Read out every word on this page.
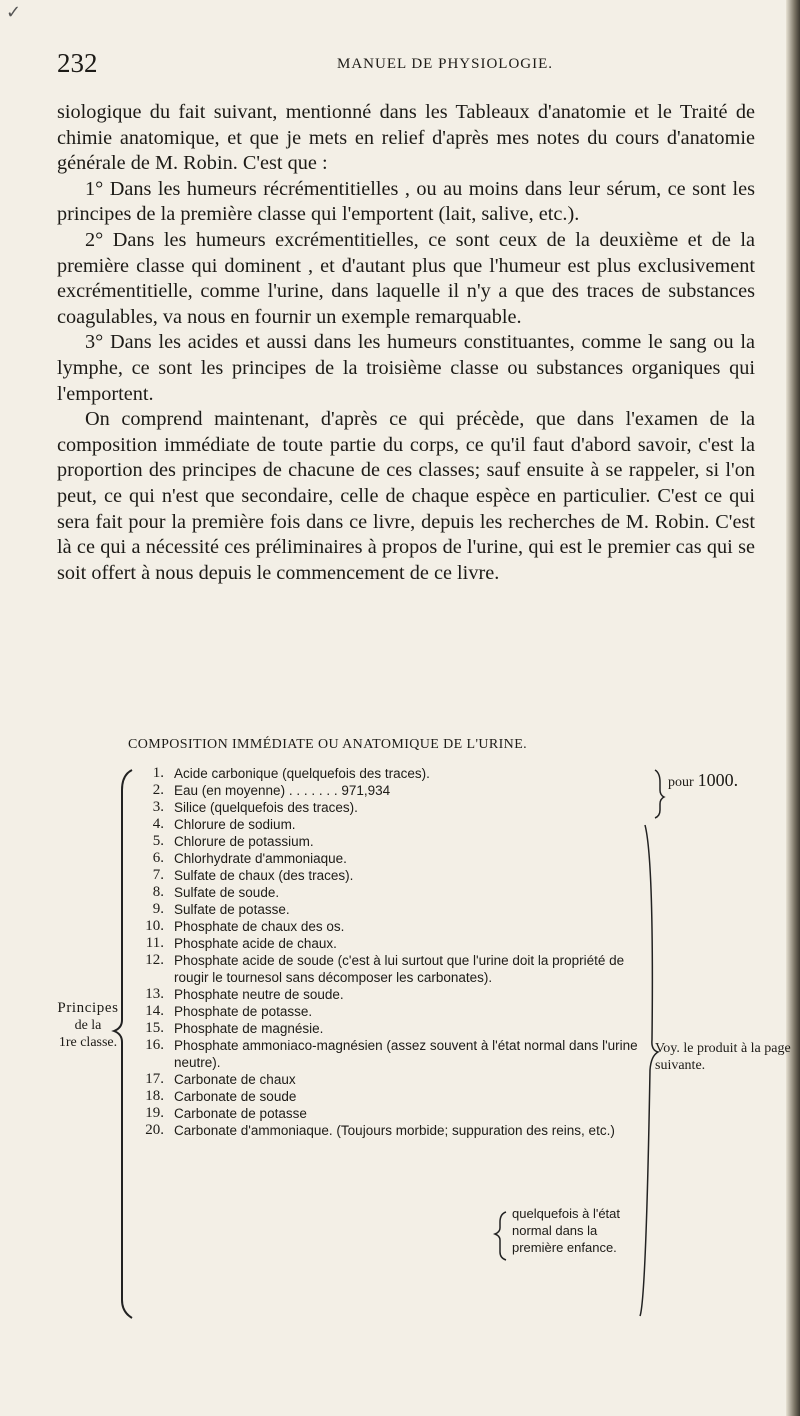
✓
232	MANUEL DE PHYSIOLOGIE.

siologique du fait suivant, mentionné dans les Tableaux d'anatomie et le Traité de chimie anatomique, et que je mets en relief d'après mes notes du cours d'anatomie générale de M. Robin. C'est que :

1° Dans les humeurs récrémentitielles , ou au moins dans leur sérum, ce sont les principes de la première classe qui l'emportent (lait, salive, etc.).

2° Dans les humeurs excrémentitielles, ce sont ceux de la deuxième et de la première classe qui dominent , et d'autant plus que l'humeur est plus exclusivement excrémentitielle, comme l'urine, dans laquelle il n'y a que des traces de substances coagulables, va nous en fournir un exemple remarquable.

3° Dans les acides et aussi dans les humeurs constituantes, comme le sang ou la lymphe, ce sont les principes de la troisième classe ou substances organiques qui l'emportent.

On comprend maintenant, d'après ce qui précède, que dans l'examen de la composition immédiate de toute partie du corps, ce qu'il faut d'abord savoir, c'est la proportion des principes de chacune de ces classes; sauf ensuite à se rappeler, si l'on peut, ce qui n'est que secondaire, celle de chaque espèce en particulier. C'est ce qui sera fait pour la première fois dans ce livre, depuis les recherches de M. Robin. C'est là ce qui a nécessité ces préliminaires à propos de l'urine, qui est le premier cas qui se soit offert à nous depuis le commencement de ce livre.

COMPOSITION IMMÉDIATE OU ANATOMIQUE DE L'URINE.
Principes
de la
1re classe.
1. Acide carbonique (quelquefois des traces).
2. Eau (en moyenne) . . . . . . . 971,934
3. Silice (quelquefois des traces).
4. Chlorure de sodium.
5. Chlorure de potassium.
6. Chlorhydrate d'ammoniaque.
7. Sulfate de chaux (des traces).
8. Sulfate de soude.
9. Sulfate de potasse.
10. Phosphate de chaux des os.
11. Phosphate acide de chaux.
12. Phosphate acide de soude (c'est à lui surtout que l'urine doit la propriété de rougir le tournesol sans décomposer les carbonates).
13. Phosphate neutre de soude.
14. Phosphate de potasse.
15. Phosphate de magnésie.
16. Phosphate ammoniaco-magnésien (assez souvent à l'état normal dans l'urine neutre).
17. Carbonate de chaux
18. Carbonate de soude
19. Carbonate de potasse
20. Carbonate d'ammoniaque. (Toujours morbide; suppuration des reins, etc.)
quelquefois à l'état normal dans la première enfance.
pour 1000.
Voy. le produit à la page suivante.
